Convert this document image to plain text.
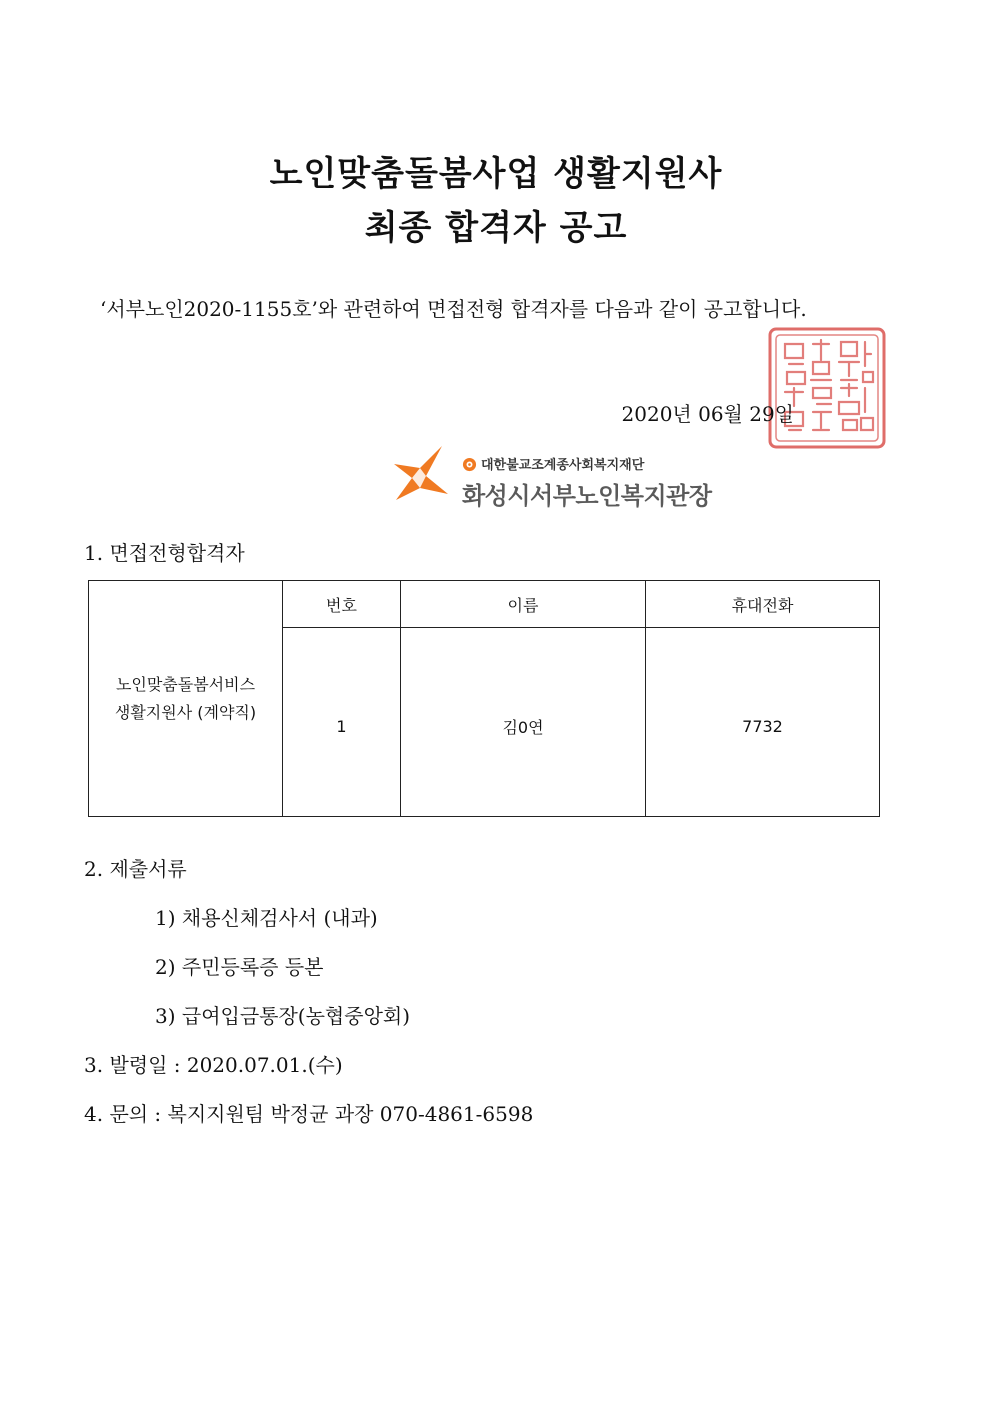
노인맞춤돌봄사업 생활지원사
최종 합격자 공고

‘서부노인2020-1155호’와 관련하여 면접전형 합격자를 다음과 같이 공고합니다.

2020년 06월 29일
대한불교조계종사회복지재단
화성시서부노인복지관장
1. 면접전형합격자
노인맞춤돌봄서비스
생활지원사 (계약직)	번호	이름	휴대전화
	1	김0연	7732
2. 제출서류
1) 채용신체검사서 (내과)
2) 주민등록증 등본
3) 급여입금통장(농협중앙회)
3. 발령일 : 2020.07.01.(수)
4. 문의 : 복지지원팀 박정균 과장 070-4861-6598
